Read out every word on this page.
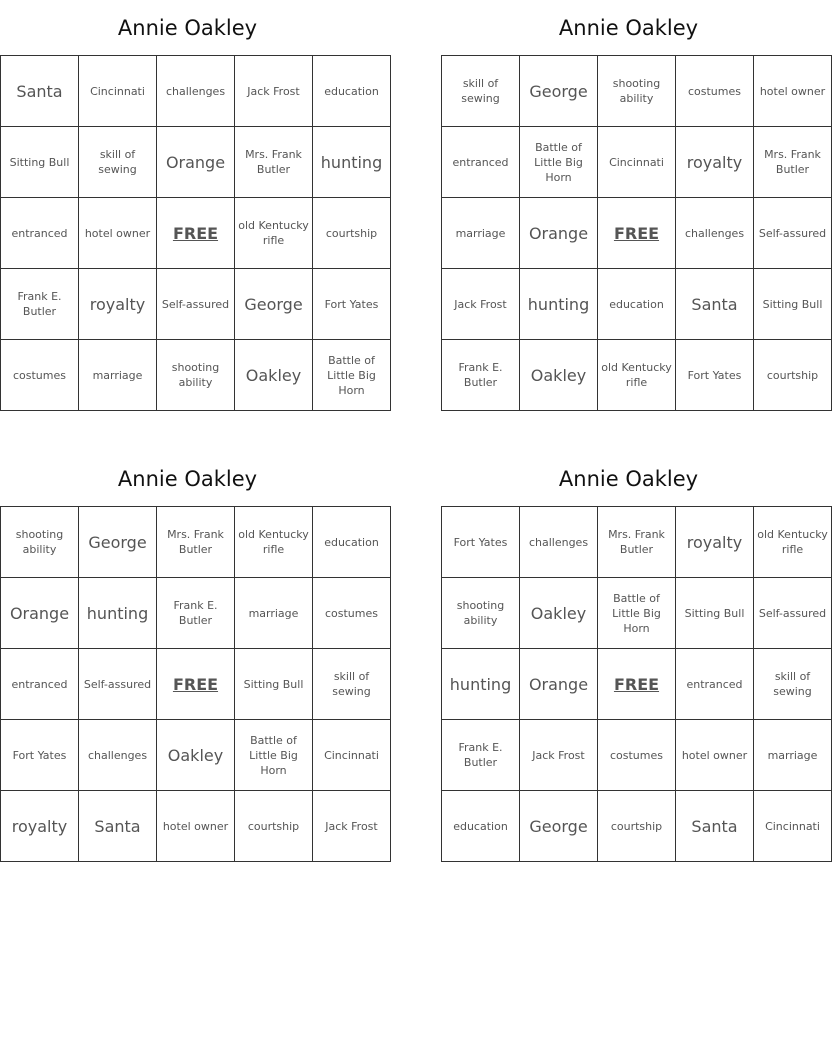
Annie Oakley
Santa	Cincinnati	challenges	Jack Frost	education
Sitting Bull	skill of sewing	Orange	Mrs. Frank Butler	hunting
entranced	hotel owner	FREE	old Kentucky rifle	courtship
Frank E. Butler	royalty	Self-assured	George	Fort Yates
costumes	marriage	shooting ability	Oakley	Battle of Little Big Horn
Annie Oakley
skill of sewing	George	shooting ability	costumes	hotel owner
entranced	Battle of Little Big Horn	Cincinnati	royalty	Mrs. Frank Butler
marriage	Orange	FREE	challenges	Self-assured
Jack Frost	hunting	education	Santa	Sitting Bull
Frank E. Butler	Oakley	old Kentucky rifle	Fort Yates	courtship
Annie Oakley
shooting ability	George	Mrs. Frank Butler	old Kentucky rifle	education
Orange	hunting	Frank E. Butler	marriage	costumes
entranced	Self-assured	FREE	Sitting Bull	skill of sewing
Fort Yates	challenges	Oakley	Battle of Little Big Horn	Cincinnati
royalty	Santa	hotel owner	courtship	Jack Frost
Annie Oakley
Fort Yates	challenges	Mrs. Frank Butler	royalty	old Kentucky rifle
shooting ability	Oakley	Battle of Little Big Horn	Sitting Bull	Self-assured
hunting	Orange	FREE	entranced	skill of sewing
Frank E. Butler	Jack Frost	costumes	hotel owner	marriage
education	George	courtship	Santa	Cincinnati
